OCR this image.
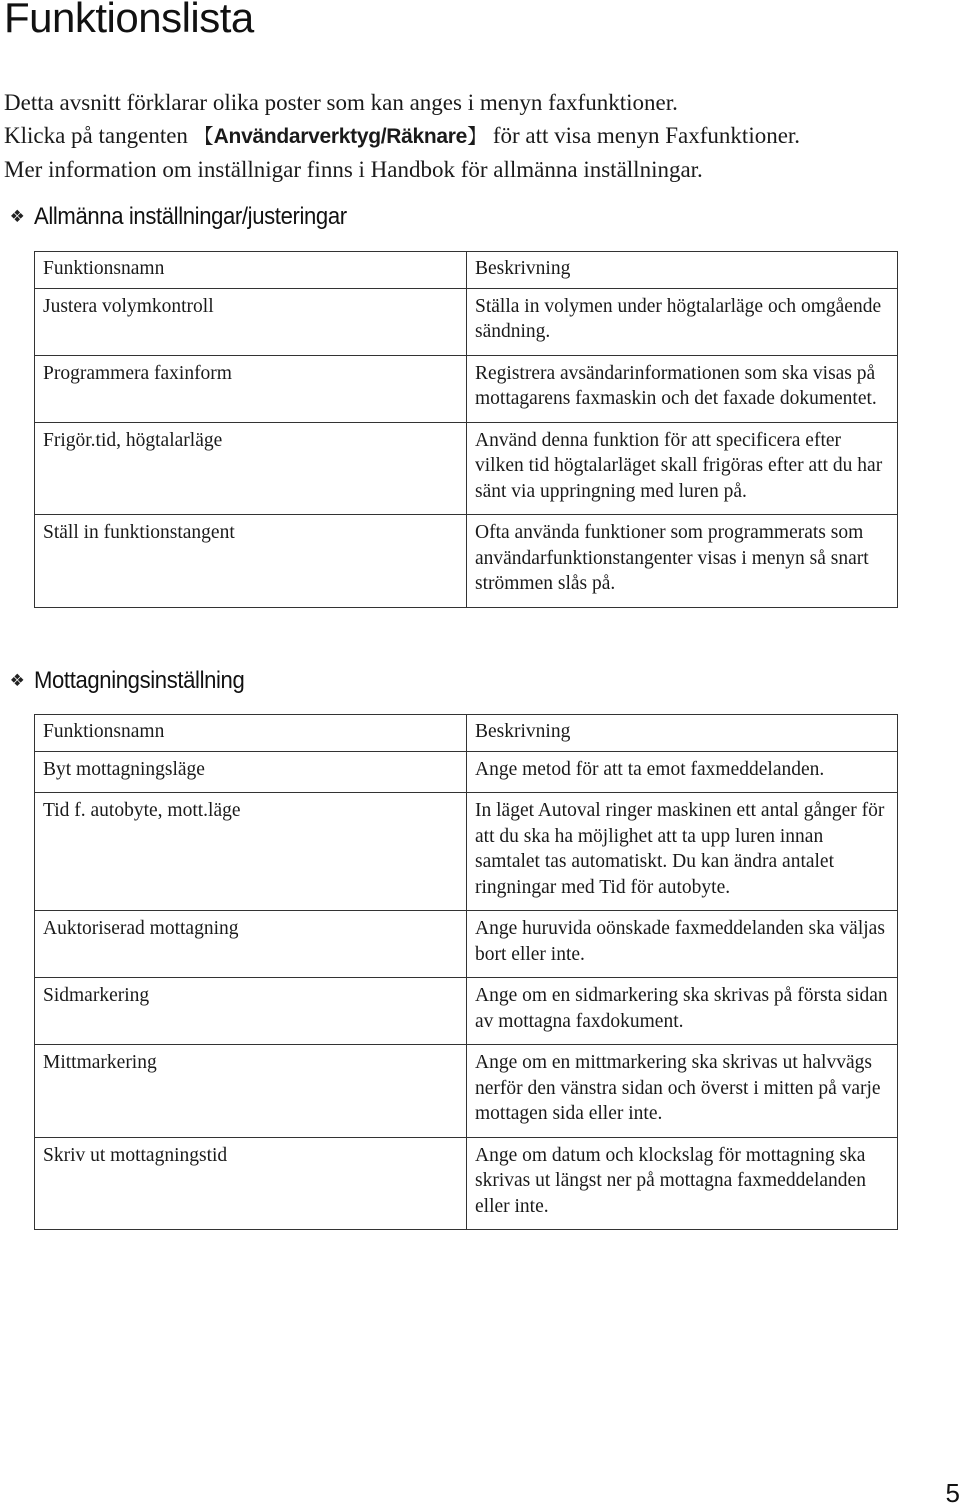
Funktionslista

Detta avsnitt förklarar olika poster som kan anges i menyn faxfunktioner.

Klicka på tangenten 【Användarverktyg/Räknare】 för att visa menyn Faxfunktioner.

Mer information om inställnigar finns i Handbok för allmänna inställningar.

❖ Allmänna inställningar/justeringar
Funktionsnamn	Beskrivning
Justera volymkontroll	Ställa in volymen under högtalarläge och omgående sändning.
Programmera faxinform	Registrera avsändarinformationen som ska visas på mottagarens faxmaskin och det faxade dokumentet.
Frigör.tid, högtalarläge	Använd denna funktion för att specificera efter vilken tid högtalarläget skall frigöras efter att du har sänt via uppringning med luren på.
Ställ in funktionstangent	Ofta använda funktioner som programmerats som användarfunktionstangenter visas i menyn så snart strömmen slås på.
❖ Mottagningsinställning
Funktionsnamn	Beskrivning
Byt mottagningsläge	Ange metod för att ta emot faxmeddelanden.
Tid f. autobyte, mott.läge	In läget Autoval ringer maskinen ett antal gånger för att du ska ha möjlighet att ta upp luren innan samtalet tas automatiskt. Du kan ändra antalet ringningar med Tid för autobyte.
Auktoriserad mottagning	Ange huruvida oönskade faxmeddelanden ska väljas bort eller inte.
Sidmarkering	Ange om en sidmarkering ska skrivas på första sidan av mottagna faxdokument.
Mittmarkering	Ange om en mittmarkering ska skrivas ut halvvägs nerför den vänstra sidan och överst i mitten på varje mottagen sida eller inte.
Skriv ut mottagningstid	Ange om datum och klockslag för mottagning ska skrivas ut längst ner på mottagna faxmeddelanden eller inte.
5
